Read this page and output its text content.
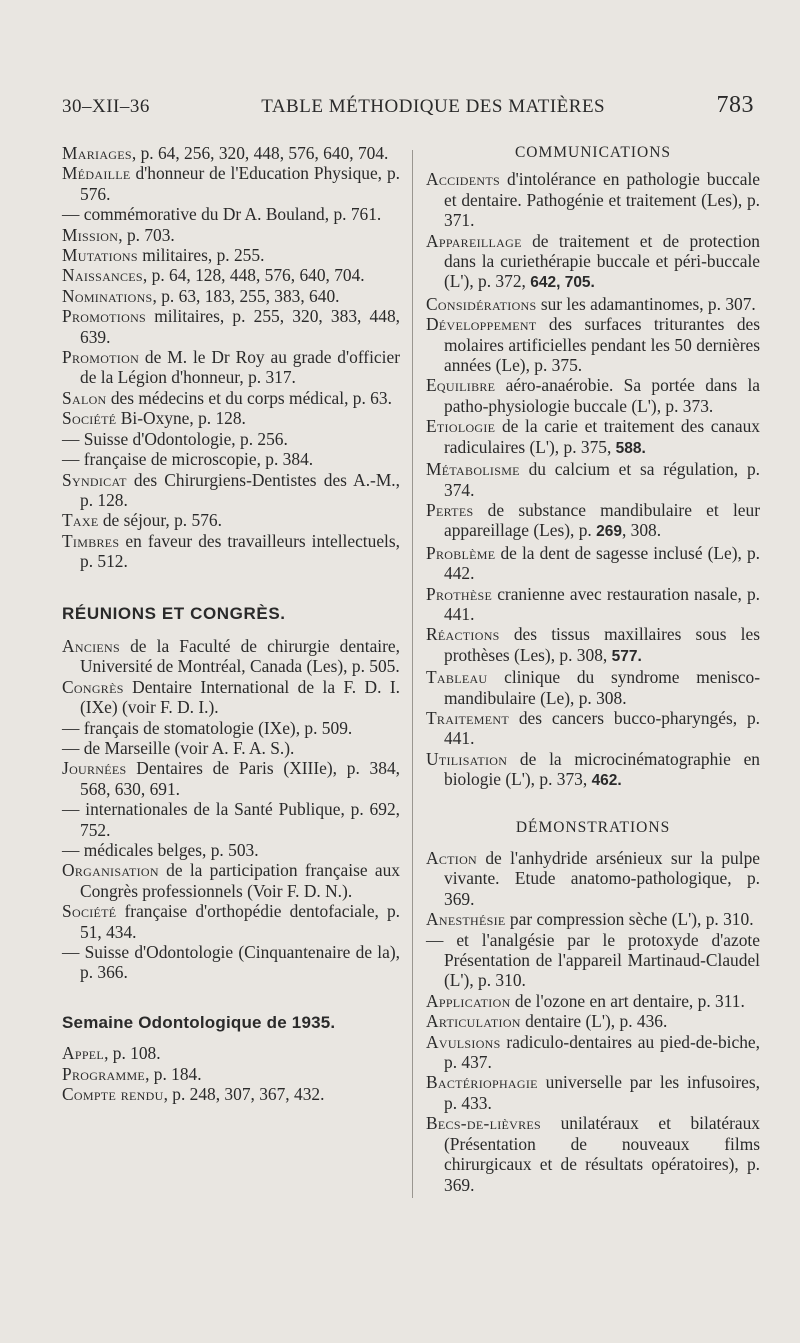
30–XII–36	TABLE MÉTHODIQUE DES MATIÈRES	783

Mariages, p. 64, 256, 320, 448, 576, 640, 704.

Médaille d'honneur de l'Education Physique, p. 576.

— commémorative du Dr A. Bouland, p. 761.

Mission, p. 703.

Mutations militaires, p. 255.

Naissances, p. 64, 128, 448, 576, 640, 704.

Nominations, p. 63, 183, 255, 383, 640.

Promotions militaires, p. 255, 320, 383, 448, 639.

Promotion de M. le Dr Roy au grade d'officier de la Légion d'honneur, p. 317.

Salon des médecins et du corps médical, p. 63.

Société Bi-Oxyne, p. 128.

— Suisse d'Odontologie, p. 256.

— française de microscopie, p. 384.

Syndicat des Chirurgiens-Dentistes des A.-M., p. 128.

Taxe de séjour, p. 576.

Timbres en faveur des travailleurs intellectuels, p. 512.

RÉUNIONS ET CONGRÈS.

Anciens de la Faculté de chirurgie dentaire, Université de Montréal, Canada (Les), p. 505.

Congrès Dentaire International de la F. D. I. (IXe) (voir F. D. I.).

— français de stomatologie (IXe), p. 509.

— de Marseille (voir A. F. A. S.).

Journées Dentaires de Paris (XIIIe), p. 384, 568, 630, 691.

— internationales de la Santé Publique, p. 692, 752.

— médicales belges, p. 503.

Organisation de la participation française aux Congrès professionnels (Voir F. D. N.).

Société française d'orthopédie dentofaciale, p. 51, 434.

— Suisse d'Odontologie (Cinquantenaire de la), p. 366.

Semaine Odontologique de 1935.

Appel, p. 108.

Programme, p. 184.

Compte rendu, p. 248, 307, 367, 432.

COMMUNICATIONS

Accidents d'intolérance en pathologie buccale et dentaire. Pathogénie et traitement (Les), p. 371.

Appareillage de traitement et de protection dans la curiethérapie buccale et péri-buccale (L'), p. 372, 642, 705.

Considérations sur les adamantinomes, p. 307.

Développement des surfaces triturantes des molaires artificielles pendant les 50 dernières années (Le), p. 375.

Equilibre aéro-anaérobie. Sa portée dans la patho-physiologie buccale (L'), p. 373.

Etiologie de la carie et traitement des canaux radiculaires (L'), p. 375, 588.

Métabolisme du calcium et sa régulation, p. 374.

Pertes de substance mandibulaire et leur appareillage (Les), p. 269, 308.

Problème de la dent de sagesse inclusé (Le), p. 442.

Prothèse cranienne avec restauration nasale, p. 441.

Réactions des tissus maxillaires sous les prothèses (Les), p. 308, 577.

Tableau clinique du syndrome meniscо-mandibulaire (Le), p. 308.

Traitement des cancers bucco-pharyngés, p. 441.

Utilisation de la microcinématographie en biologie (L'), p. 373, 462.

DÉMONSTRATIONS

Action de l'anhydride arsénieux sur la pulpe vivante. Etude anatomo-pathologique, p. 369.

Anesthésie par compression sèche (L'), p. 310.

— et l'analgésie par le protoxyde d'azote Présentation de l'appareil Martinaud-Claudel (L'), p. 310.

Application de l'ozone en art dentaire, p. 311.

Articulation dentaire (L'), p. 436.

Avulsions radiculo-dentaires au pied-de-biche, p. 437.

Bactériophagie universelle par les infusoires, p. 433.

Becs-de-lièvres unilatéraux et bilatéraux (Présentation de nouveaux films chirurgicaux et de résultats opératoires), p. 369.
